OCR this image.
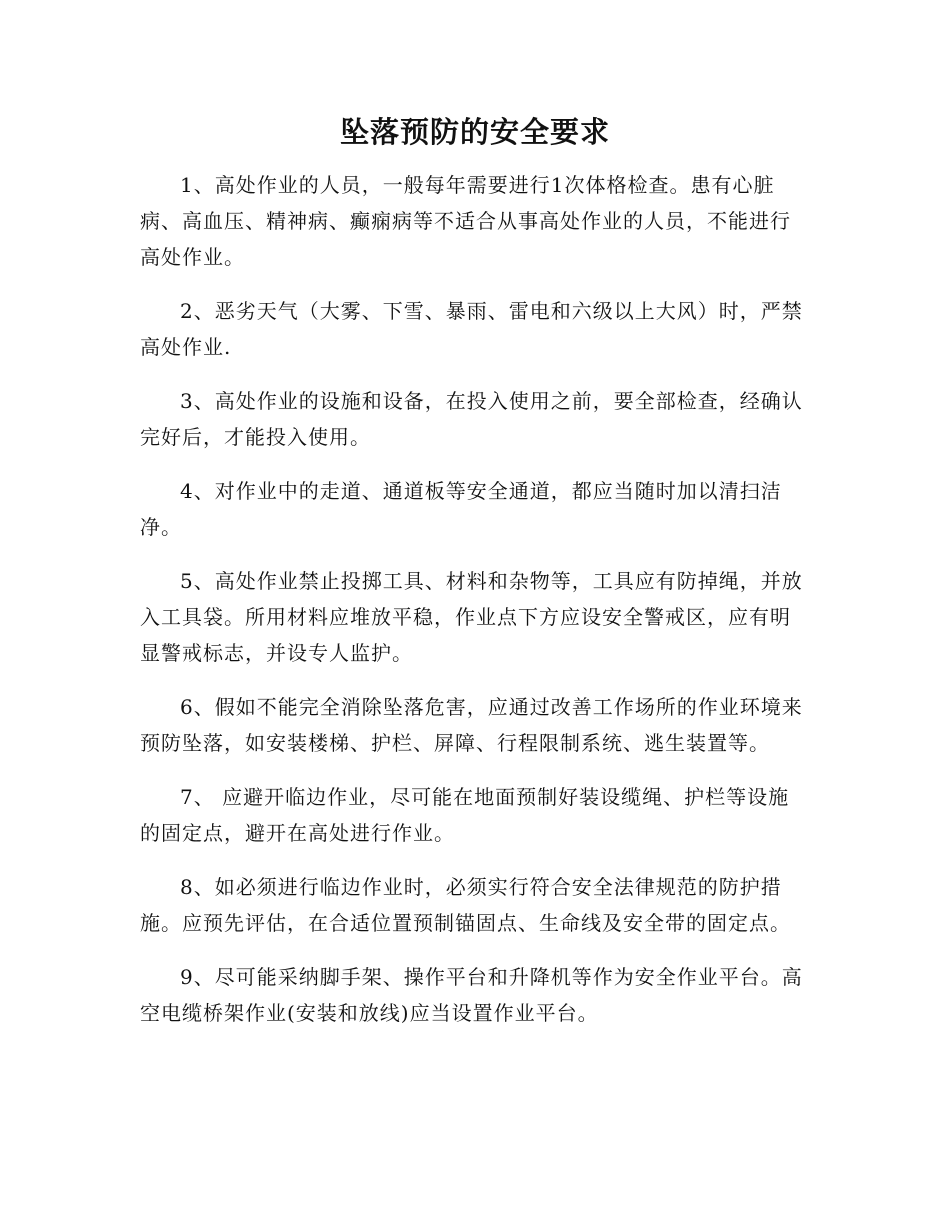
坠落预防的安全要求

1、高处作业的人员，一般每年需要进行1次体格检查。患有心脏病、高血压、精神病、癫痫病等不适合从事高处作业的人员，不能进行高处作业。

2、恶劣天气（大雾、下雪、暴雨、雷电和六级以上大风）时，严禁高处作业.

3、高处作业的设施和设备，在投入使用之前，要全部检查，经确认完好后，才能投入使用。

4、对作业中的走道、通道板等安全通道，都应当随时加以清扫洁净。

5、高处作业禁止投掷工具、材料和杂物等，工具应有防掉绳，并放入工具袋。所用材料应堆放平稳，作业点下方应设安全警戒区，应有明显警戒标志，并设专人监护。

6、假如不能完全消除坠落危害，应通过改善工作场所的作业环境来预防坠落，如安装楼梯、护栏、屏障、行程限制系统、逃生装置等。

7、 应避开临边作业，尽可能在地面预制好装设缆绳、护栏等设施的固定点，避开在高处进行作业。

8、如必须进行临边作业时，必须实行符合安全法律规范的防护措施。应预先评估，在合适位置预制锚固点、生命线及安全带的固定点。

9、尽可能采纳脚手架、操作平台和升降机等作为安全作业平台。高空电缆桥架作业(安装和放线)应当设置作业平台。
